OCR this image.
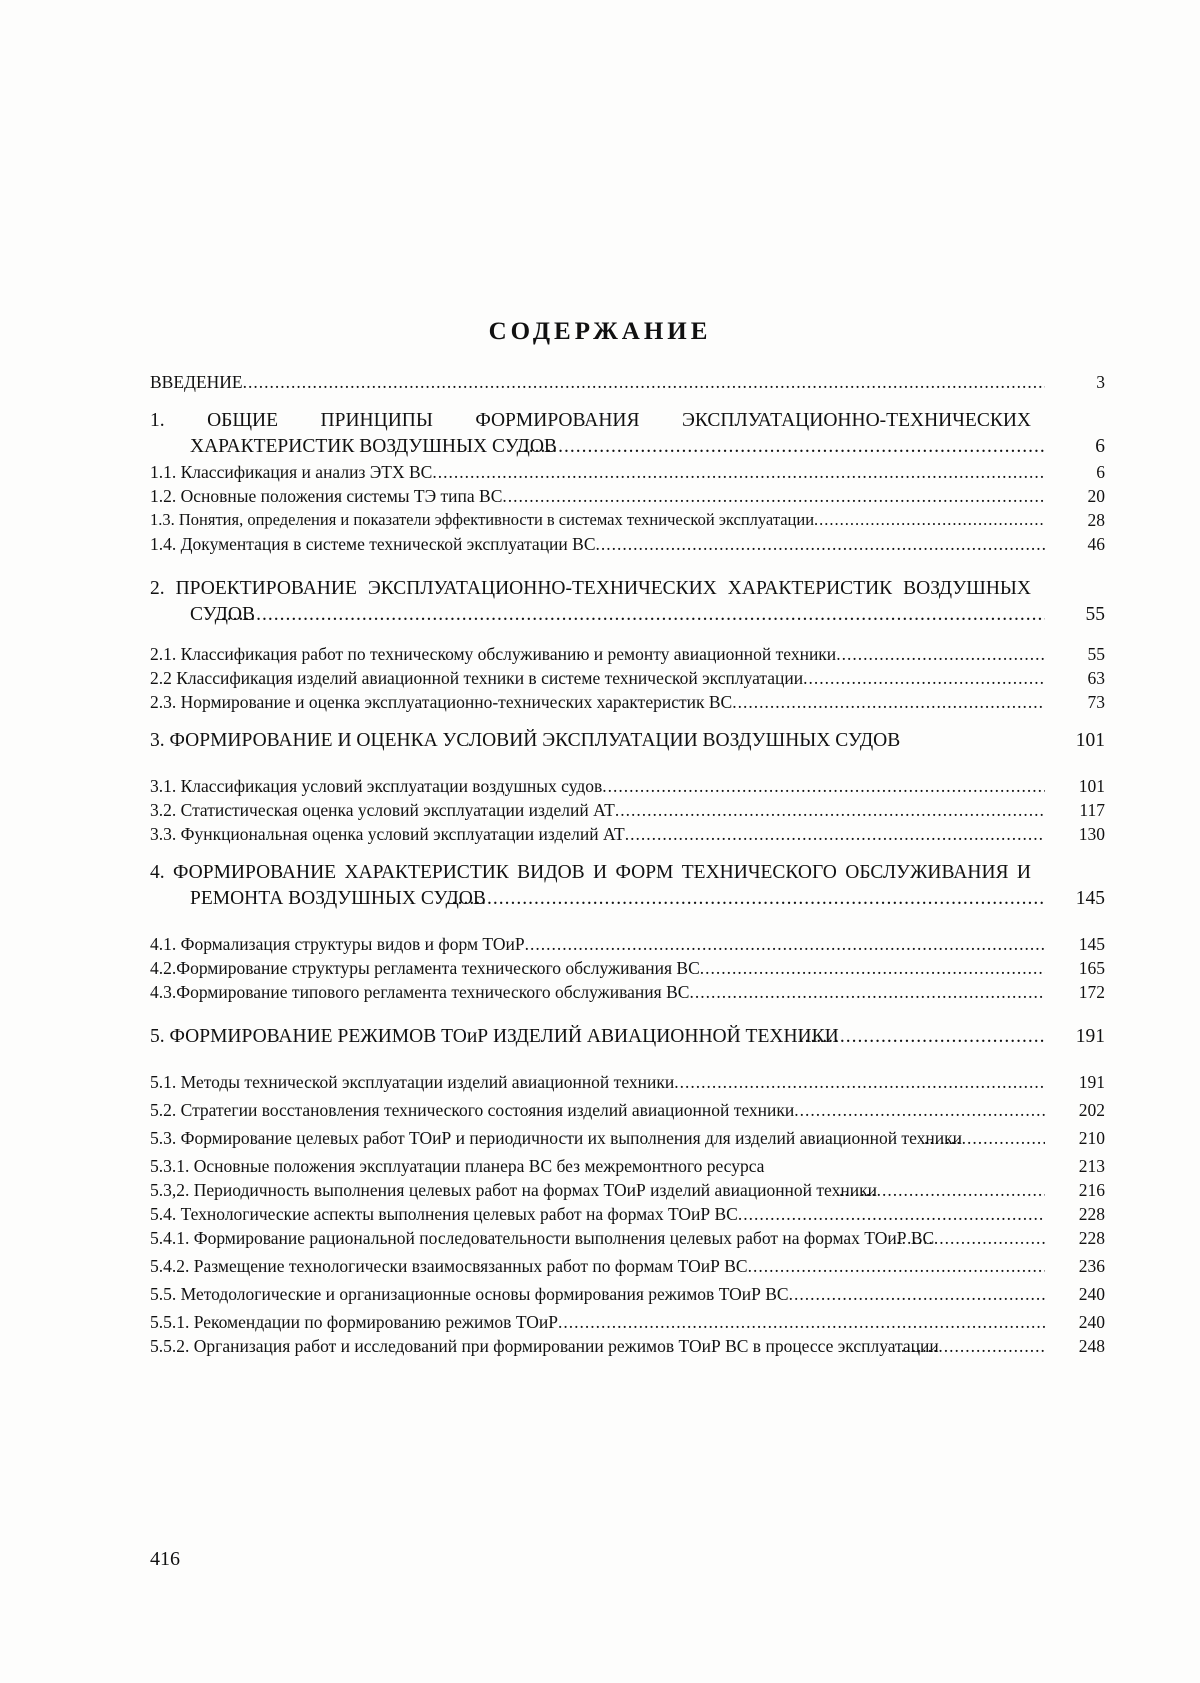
СОДЕРЖАНИЕ
ВВЕДЕНИЕ .....	3
1. ОБЩИЕ ПРИНЦИПЫ ФОРМИРОВАНИЯ ЭКСПЛУАТАЦИОННО-ТЕХНИЧЕСКИХ ХАРАКТЕРИСТИК ВОЗДУШНЫХ СУДОВ .....	6
1.1. Классификация и анализ ЭТХ ВС .....	6
1.2. Основные положения системы ТЭ типа ВС .....	20
1.3. Понятия, определения и показатели эффективности в системах технической эксплуатации .....	28
1.4. Документация в системе технической эксплуатации ВС .....	46
2. ПРОЕКТИРОВАНИЕ ЭКСПЛУАТАЦИОННО-ТЕХНИЧЕСКИХ ХАРАКТЕРИСТИК ВОЗДУШНЫХ СУДОВ .....	55
2.1. Классификация работ по техническому обслуживанию и ремонту авиационной техники .....	55
2.2 Классификация изделий авиационной техники в системе технической эксплуатации .....	63
2.3. Нормирование и оценка эксплуатационно-технических характеристик ВС .....	73
3. ФОРМИРОВАНИЕ И ОЦЕНКА УСЛОВИЙ ЭКСПЛУАТАЦИИ ВОЗДУШНЫХ СУДОВ	101
3.1. Классификация условий эксплуатации воздушных судов .....	101
3.2. Статистическая оценка условий эксплуатации изделий АТ .....	117
3.3. Функциональная оценка условий эксплуатации изделий АТ .....	130
4. ФОРМИРОВАНИЕ ХАРАКТЕРИСТИК ВИДОВ И ФОРМ ТЕХНИЧЕСКОГО ОБСЛУЖИВАНИЯ И РЕМОНТА ВОЗДУШНЫХ СУДОВ .....	145
4.1. Формализация структуры видов и форм ТОиР .....	145
4.2.Формирование структуры регламента технического обслуживания ВС .....	165
4.3.Формирование типового регламента технического обслуживания ВС .....	172
5. ФОРМИРОВАНИЕ РЕЖИМОВ ТОиР ИЗДЕЛИЙ АВИАЦИОННОЙ ТЕХНИКИ .....	191
5.1. Методы технической эксплуатации изделий авиационной техники .....	191
5.2. Стратегии восстановления технического состояния изделий авиационной техники .....	202
5.3. Формирование целевых работ ТОиР и периодичности их выполнения для изделий авиационной техники .....	210
5.3.1. Основные положения эксплуатации планера ВС без межремонтного ресурса	213
5.3,2. Периодичность выполнения целевых работ на формах ТОиР изделий авиационной техники .....	216
5.4. Технологические аспекты выполнения целевых работ на формах ТОиР ВС .....	228
5.4.1. Формирование рациональной последовательности выполнения целевых работ на формах ТОиР ВС .....	228
5.4.2. Размещение технологически взаимосвязанных работ по формам ТОиР ВС .....	236
5.5. Методологические и организационные основы формирования режимов ТОиР ВС .....	240
5.5.1. Рекомендации по формированию режимов ТОиР .....	240
5.5.2. Организация работ и исследований при формировании режимов ТОиР ВС в процессе эксплуатации .....	248
416
